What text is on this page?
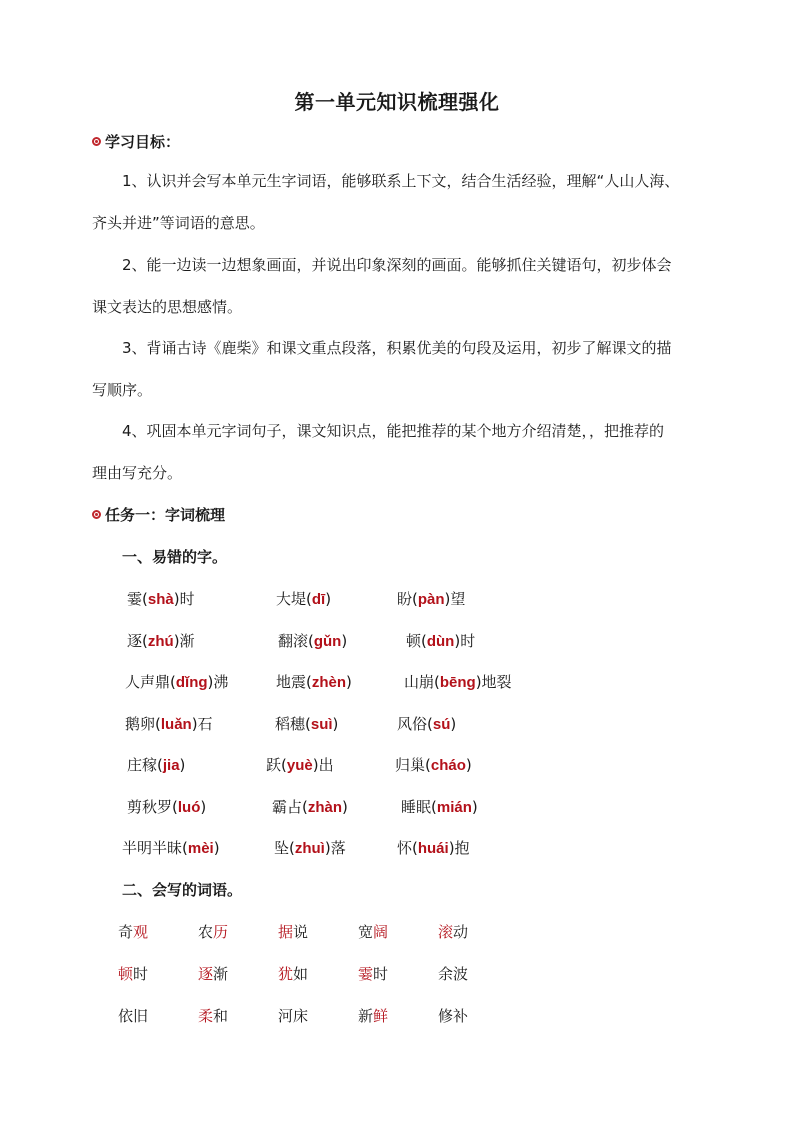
第一单元知识梳理强化
学习目标：
1、认识并会写本单元生字词语，能够联系上下文，结合生活经验，理解“人山人海、
齐头并进”等词语的意思。
2、能一边读一边想象画面，并说出印象深刻的画面。能够抓住关键语句，初步体会
课文表达的思想感情。
3、背诵古诗《鹿柴》和课文重点段落，积累优美的句段及运用，初步了解课文的描
写顺序。
4、巩固本单元字词句子，课文知识点，能把推荐的某个地方介绍清楚，，把推荐的
理由写充分。
任务一：字词梳理
一、易错的字。
霎(shà)时	大堤(dī)	盼(pàn)望
逐(zhú)渐	翻滚(gǔn)	顿(dùn)时
人声鼎(dǐng)沸	地震(zhèn)	山崩(bēng)地裂
鹅卵(luǎn)石	稻穗(suì)	风俗(sú)
庄稼(jia)	跃(yuè)出	归巢(cháo)
剪秋罗(luó)	霸占(zhàn)	睡眠(mián)
半明半昧(mèi)	坠(zhuì)落	怀(huái)抱
二、会写的词语。
奇观	农历	据说	宽阔	滚动
顿时	逐渐	犹如	霎时	余波
依旧	柔和	河床	新鲜	修补
